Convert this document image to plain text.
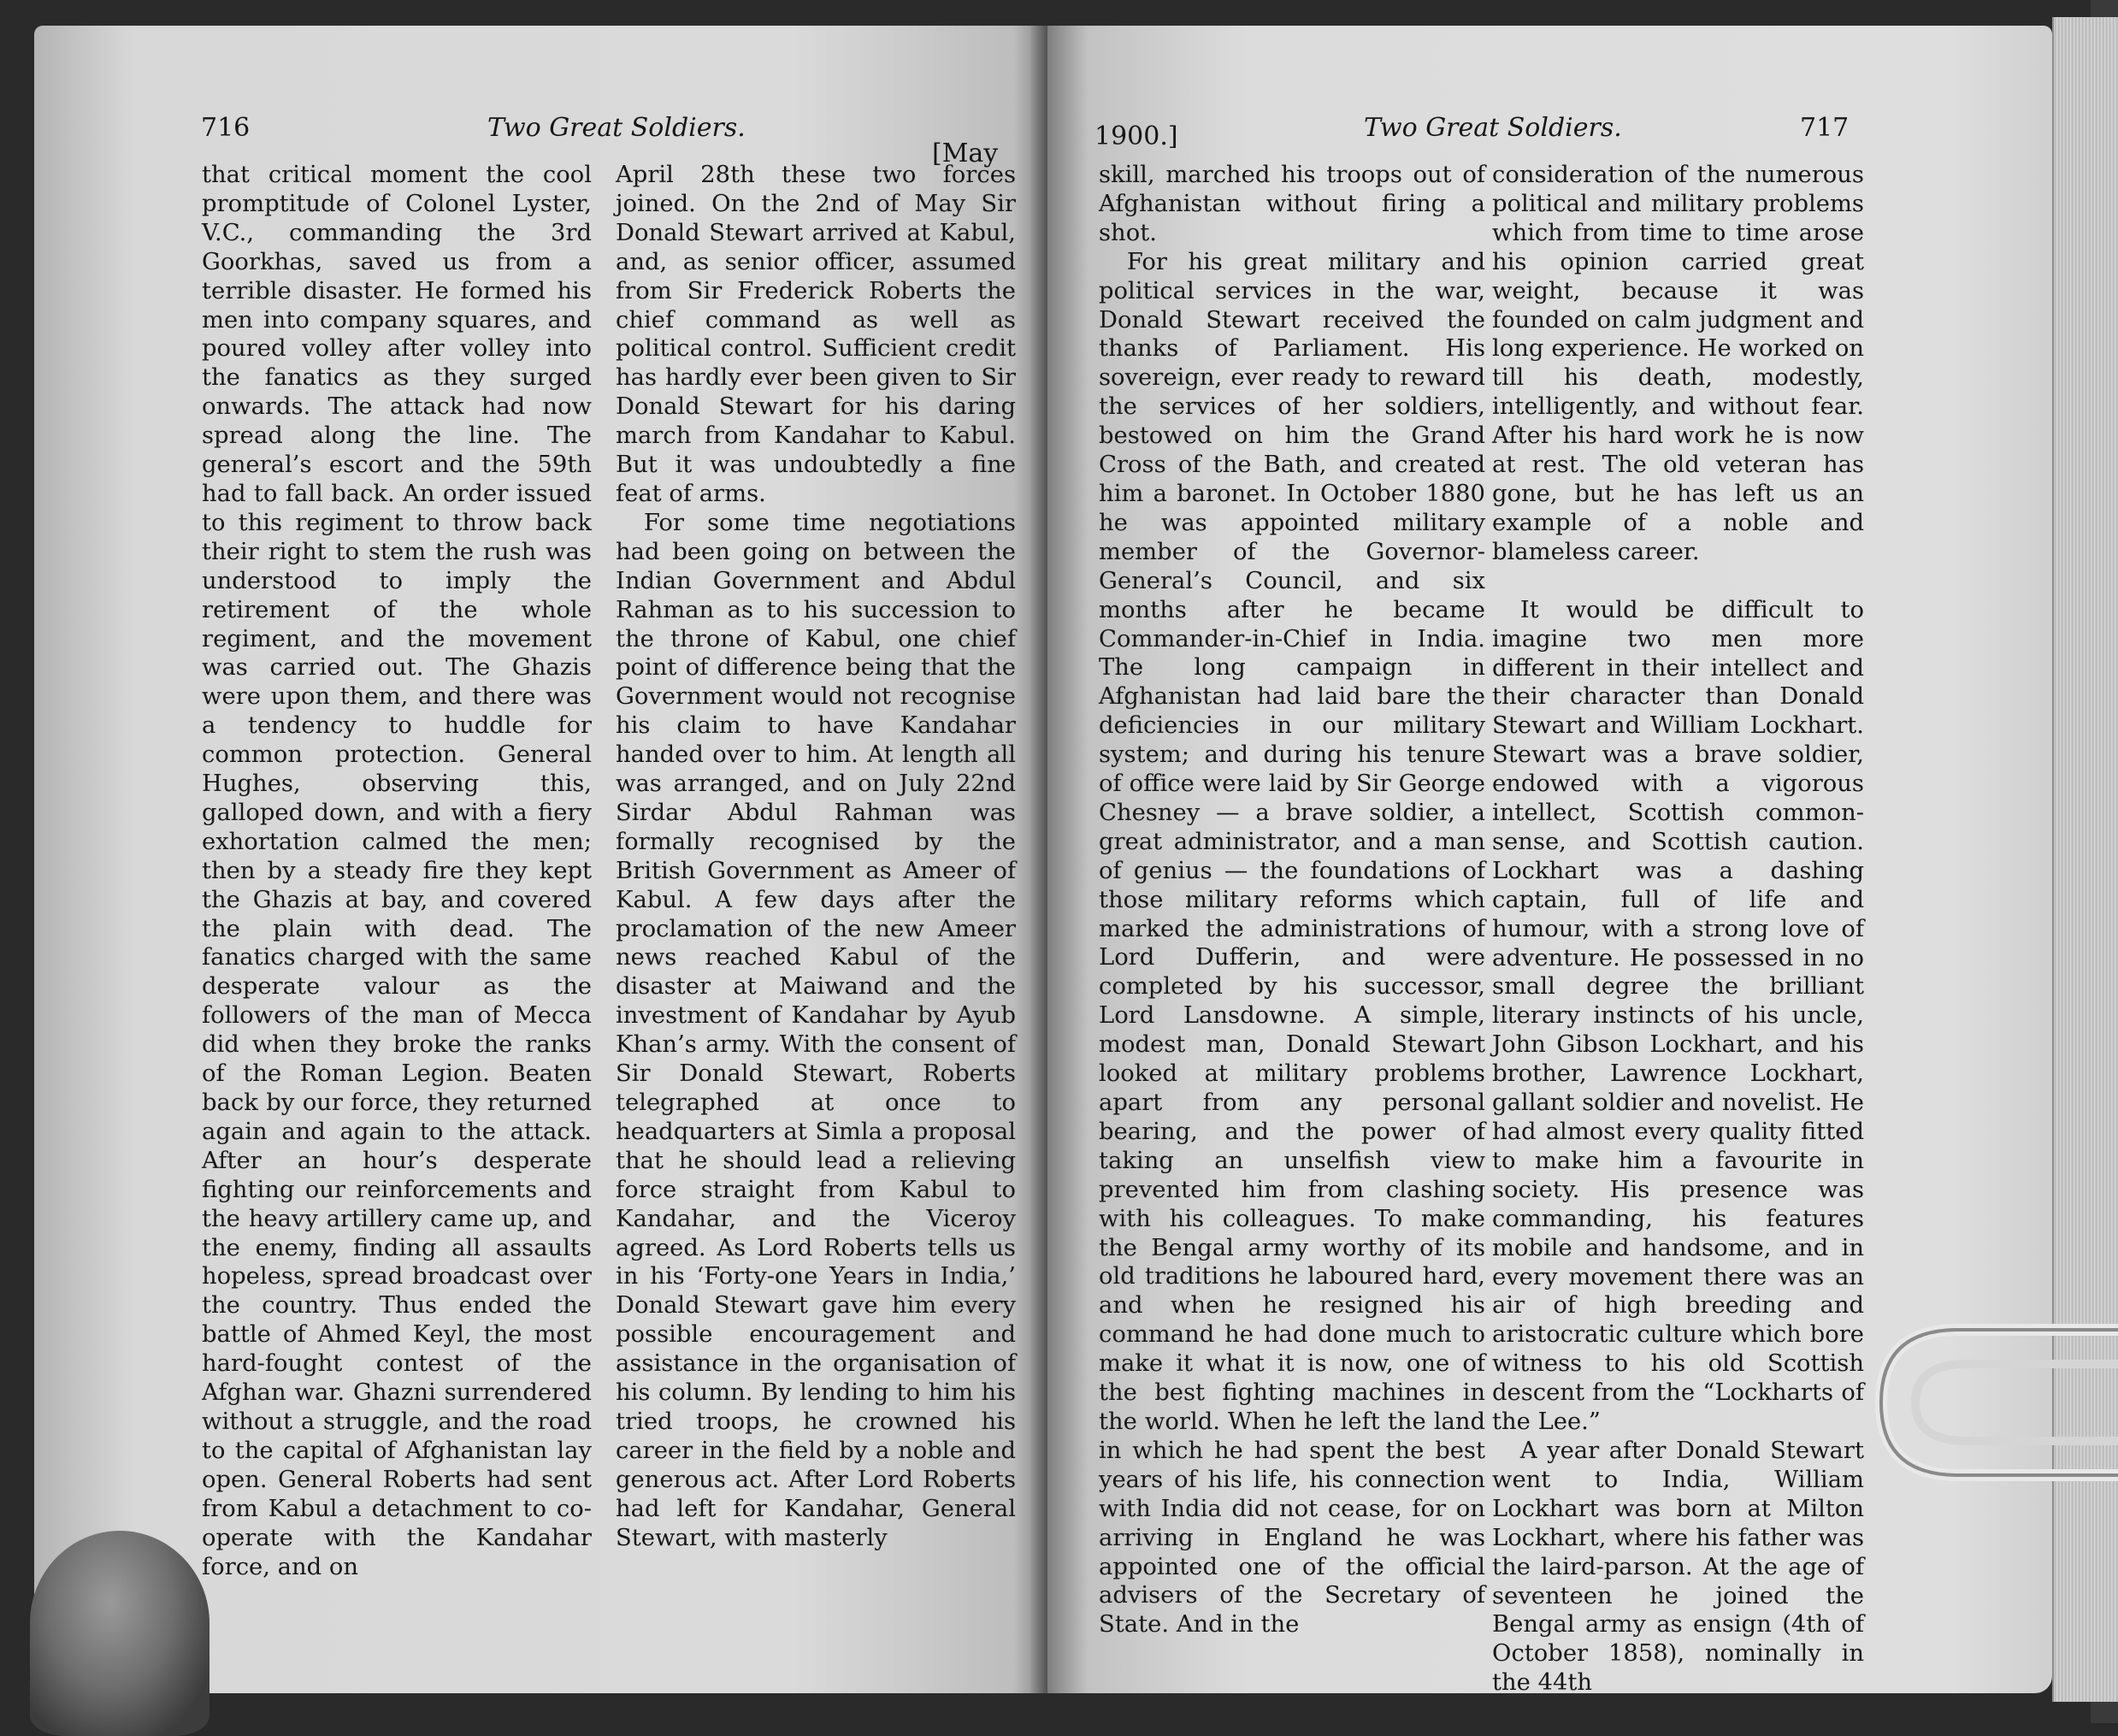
716	Two Great Soldiers.
[May

that critical moment the cool promptitude of Colonel Lyster, V.C., commanding the 3rd Goorkhas, saved us from a terrible disaster. He formed his men into company squares, and poured volley after volley into the fanatics as they surged onwards. The attack had now spread along the line. The general’s escort and the 59th had to fall back. An order issued to this regiment to throw back their right to stem the rush was understood to imply the retirement of the whole regiment, and the movement was carried out. The Ghazis were upon them, and there was a tendency to huddle for common protection. General Hughes, observing this, galloped down, and with a fiery exhortation calmed the men; then by a steady fire they kept the Ghazis at bay, and covered the plain with dead. The fanatics charged with the same desperate valour as the followers of the man of Mecca did when they broke the ranks of the Roman Legion. Beaten back by our force, they returned again and again to the attack. After an hour’s desperate fighting our reinforcements and the heavy artillery came up, and the enemy, finding all assaults hopeless, spread broadcast over the country. Thus ended the battle of Ahmed Keyl, the most hard-fought contest of the Afghan war. Ghazni surrendered without a struggle, and the road to the capital of Afghanistan lay open. General Roberts had sent from Kabul a detachment to co-operate with the Kandahar force, and on

April 28th these two forces joined. On the 2nd of May Sir Donald Stewart arrived at Kabul, and, as senior officer, assumed from Sir Frederick Roberts the chief command as well as political control. Sufficient credit has hardly ever been given to Sir Donald Stewart for his daring march from Kandahar to Kabul. But it was undoubtedly a fine feat of arms.

For some time negotiations had been going on between the Indian Government and Abdul Rahman as to his succession to the throne of Kabul, one chief point of difference being that the Government would not recognise his claim to have Kandahar handed over to him. At length all was arranged, and on July 22nd Sirdar Abdul Rahman was formally recognised by the British Government as Ameer of Kabul. A few days after the proclamation of the new Ameer news reached Kabul of the disaster at Maiwand and the investment of Kandahar by Ayub Khan’s army. With the consent of Sir Donald Stewart, Roberts telegraphed at once to headquarters at Simla a proposal that he should lead a relieving force straight from Kabul to Kandahar, and the Viceroy agreed. As Lord Roberts tells us in his ‘Forty-one Years in India,’ Donald Stewart gave him every possible encouragement and assistance in the organisation of his column. By lending to him his tried troops, he crowned his career in the field by a noble and generous act. After Lord Roberts had left for Kandahar, General Stewart, with masterly

1900.]	Two Great Soldiers.	717

skill, marched his troops out of Afghanistan without firing a shot.

For his great military and political services in the war, Donald Stewart received the thanks of Parliament. His sovereign, ever ready to reward the services of her soldiers, bestowed on him the Grand Cross of the Bath, and created him a baronet. In October 1880 he was appointed military member of the Governor-General’s Council, and six months after he became Commander-in-Chief in India. The long campaign in Afghanistan had laid bare the deficiencies in our military system; and during his tenure of office were laid by Sir George Chesney — a brave soldier, a great administrator, and a man of genius — the foundations of those military reforms which marked the administrations of Lord Dufferin, and were completed by his successor, Lord Lansdowne. A simple, modest man, Donald Stewart looked at military problems apart from any personal bearing, and the power of taking an unselfish view prevented him from clashing with his colleagues. To make the Bengal army worthy of its old traditions he laboured hard, and when he resigned his command he had done much to make it what it is now, one of the best fighting machines in the world. When he left the land in which he had spent the best years of his life, his connection with India did not cease, for on arriving in England he was appointed one of the official advisers of the Secretary of State. And in the

consideration of the numerous political and military problems which from time to time arose his opinion carried great weight, because it was founded on calm judgment and long experience. He worked on till his death, modestly, intelligently, and without fear. After his hard work he is now at rest. The old veteran has gone, but he has left us an example of a noble and blameless career.

It would be difficult to imagine two men more different in their intellect and their character than Donald Stewart and William Lockhart. Stewart was a brave soldier, endowed with a vigorous intellect, Scottish common-sense, and Scottish caution. Lockhart was a dashing captain, full of life and humour, with a strong love of adventure. He possessed in no small degree the brilliant literary instincts of his uncle, John Gibson Lockhart, and his brother, Lawrence Lockhart, gallant soldier and novelist. He had almost every quality fitted to make him a favourite in society. His presence was commanding, his features mobile and handsome, and in every movement there was an air of high breeding and aristocratic culture which bore witness to his old Scottish descent from the “Lockharts of the Lee.”

A year after Donald Stewart went to India, William Lockhart was born at Milton Lockhart, where his father was the laird-parson. At the age of seventeen he joined the Bengal army as ensign (4th of October 1858), nominally in the 44th
